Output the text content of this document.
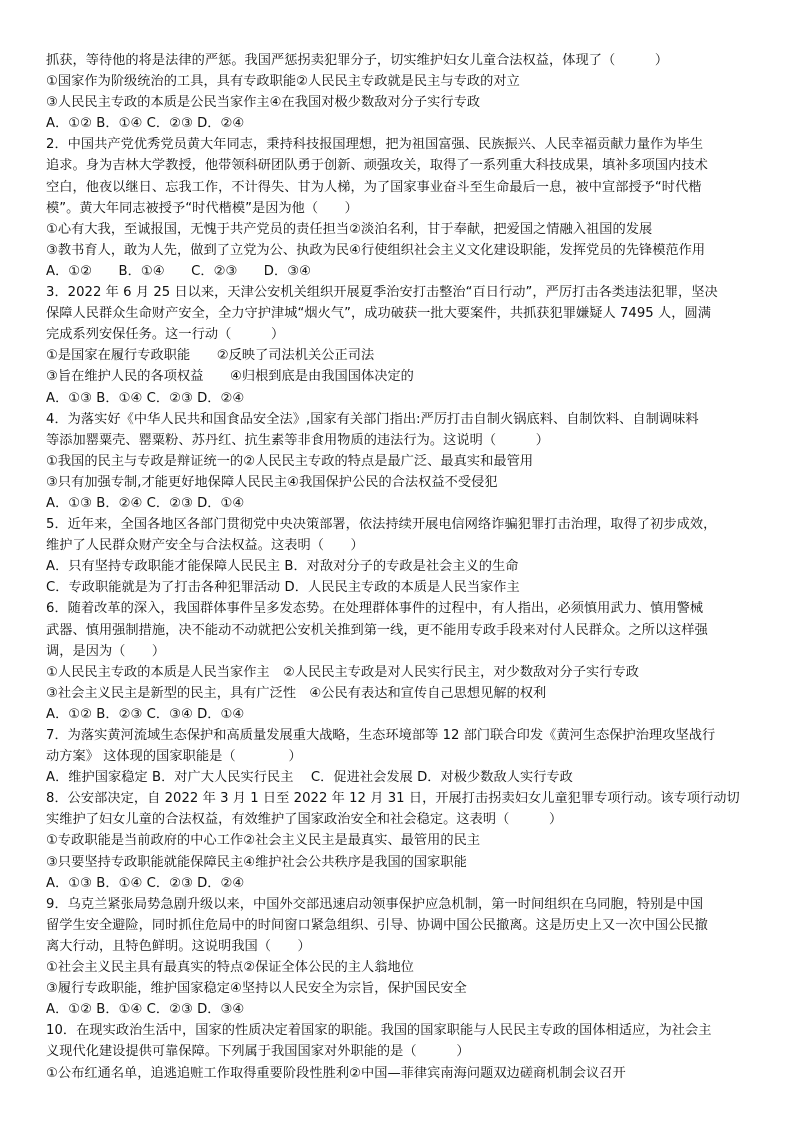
抓获，等待他的将是法律的严惩。我国严惩拐卖犯罪分子，切实维护妇女儿童合法权益，体现了（　　　）
①国家作为阶级统治的工具，具有专政职能②人民民主专政就是民主与专政的对立
③人民民主专政的本质是公民当家作主④在我国对极少数敌对分子实行专政
A．①② B．①④ C．②③ D．②④
2．中国共产党优秀党员黄大年同志，秉持科技报国理想，把为祖国富强、民族振兴、人民幸福贡献力量作为毕生
追求。身为吉林大学教授，他带领科研团队勇于创新、顽强攻关，取得了一系列重大科技成果，填补多项国内技术
空白，他夜以继日、忘我工作，不计得失、甘为人梯，为了国家事业奋斗至生命最后一息，被中宣部授予“时代楷
模”。黄大年同志被授予“时代楷模”是因为他（　　）
①心有大我，至诚报国，无愧于共产党员的责任担当②淡泊名利，甘于奉献，把爱国之情融入祖国的发展
③教书育人，敢为人先，做到了立党为公、执政为民④行使组织社会主义文化建设职能，发挥党员的先锋模范作用
A．①②　　B．①④　　C．②③　　D．③④
3．2022 年 6 月 25 日以来，天津公安机关组织开展夏季治安打击整治“百日行动”，严厉打击各类违法犯罪，坚决
保障人民群众生命财产安全，全力守护津城“烟火气”，成功破获一批大要案件，共抓获犯罪嫌疑人 7495 人，圆满
完成系列安保任务。这一行动（　　　）
①是国家在履行专政职能　　②反映了司法机关公正司法
③旨在维护人民的各项权益　　④归根到底是由我国国体决定的
A．①③ B．①④ C．②③ D．②④
4．为落实好《中华人民共和国食品安全法》,国家有关部门指出:严厉打击自制火锅底料、自制饮料、自制调味料
等添加罂粟壳、罂粟粉、苏丹红、抗生素等非食用物质的违法行为。这说明（　　　）
①我国的民主与专政是辩证统一的②人民民主专政的特点是最广泛、最真实和最管用
③只有加强专制,才能更好地保障人民民主④我国保护公民的合法权益不受侵犯
A．①③ B．②④ C．②③ D．①④
5．近年来，全国各地区各部门贯彻党中央决策部署，依法持续开展电信网络诈骗犯罪打击治理，取得了初步成效，
维护了人民群众财产安全与合法权益。这表明（　　）
A．只有坚持专政职能才能保障人民民主 B．对敌对分子的专政是社会主义的生命
C．专政职能就是为了打击各种犯罪活动 D．人民民主专政的本质是人民当家作主
6．随着改革的深入，我国群体事件呈多发态势。在处理群体事件的过程中，有人指出，必须慎用武力、慎用警械
武器、慎用强制措施，决不能动不动就把公安机关推到第一线，更不能用专政手段来对付人民群众。之所以这样强
调，是因为（　　）
①人民民主专政的本质是人民当家作主　②人民民主专政是对人民实行民主，对少数敌对分子实行专政
③社会主义民主是新型的民主，具有广泛性　④公民有表达和宣传自己思想见解的权利
A．①② B．②③ C．③④ D．①④
7．为落实黄河流域生态保护和高质量发展重大战略，生态环境部等 12 部门联合印发《黄河生态保护治理攻坚战行
动方案》 这体现的国家职能是（　　　　）
A．维护国家稳定 B．对广大人民实行民主　 C．促进社会发展 D．对极少数敌人实行专政
8．公安部决定，自 2022 年 3 月 1 日至 2022 年 12 月 31 日，开展打击拐卖妇女儿童犯罪专项行动。该专项行动切
实维护了妇女儿童的合法权益，有效维护了国家政治安全和社会稳定。这表明（　　　）
①专政职能是当前政府的中心工作②社会主义民主是最真实、最管用的民主
③只要坚持专政职能就能保障民主④维护社会公共秩序是我国的国家职能
A．①③ B．①④ C．②③ D．②④
9．乌克兰紧张局势急剧升级以来，中国外交部迅速启动领事保护应急机制，第一时间组织在乌同胞，特别是中国
留学生安全避险，同时抓住危局中的时间窗口紧急组织、引导、协调中国公民撤离。这是历史上又一次中国公民撤
离大行动，且特色鲜明。这说明我国（　　）
①社会主义民主具有最真实的特点②保证全体公民的主人翁地位
③履行专政职能，维护国家稳定④坚持以人民安全为宗旨，保护国民安全
A．①② B．①④ C．②③ D．③④
10．在现实政治生活中，国家的性质决定着国家的职能。我国的国家职能与人民民主专政的国体相适应，为社会主
义现代化建设提供可靠保障。下列属于我国国家对外职能的是（　　　）
①公布红通名单，追逃追赃工作取得重要阶段性胜利②中国—菲律宾南海问题双边磋商机制会议召开
